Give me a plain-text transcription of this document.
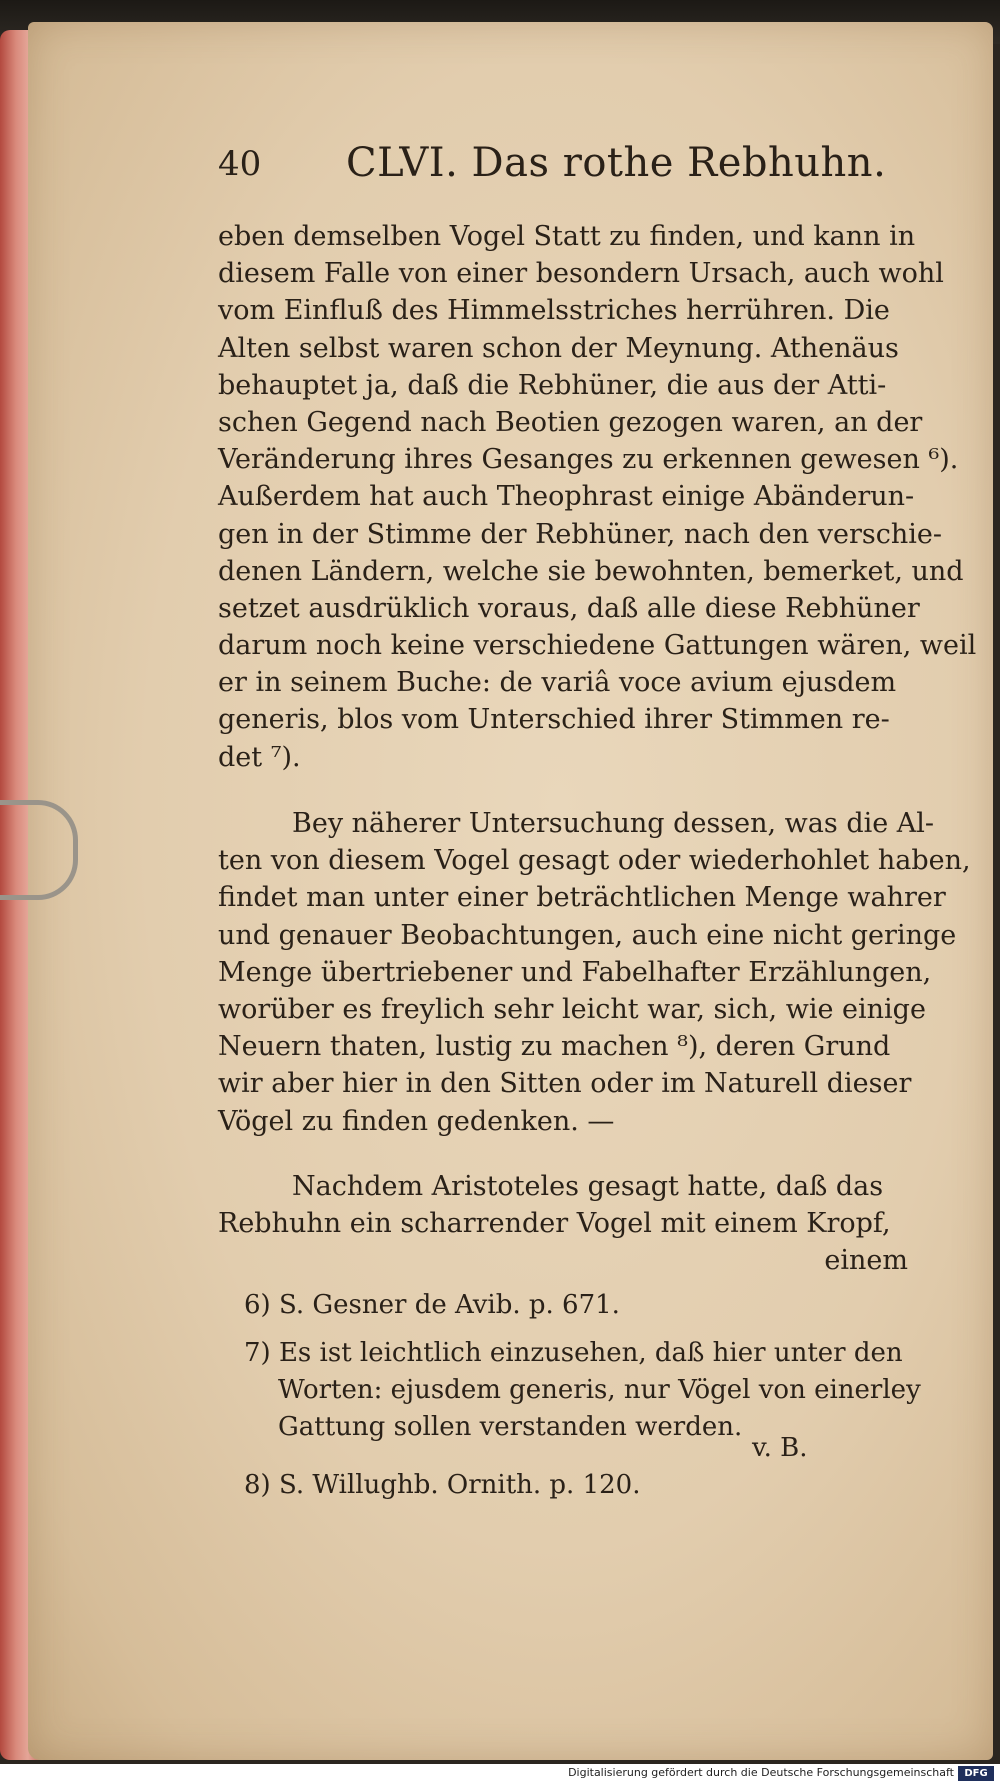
40 CLVI. Das rothe Rebhuhn.
eben demselben Vogel Statt zu finden, und kann in
diesem Falle von einer besondern Ursach, auch wohl
vom Einfluß des Himmelsstriches herrühren. Die
Alten selbst waren schon der Meynung. Athenäus
behauptet ja, daß die Rebhüner, die aus der Atti-
schen Gegend nach Beotien gezogen waren, an der
Veränderung ihres Gesanges zu erkennen gewesen ⁶).
Außerdem hat auch Theophrast einige Abänderun-
gen in der Stimme der Rebhüner, nach den verschie-
denen Ländern, welche sie bewohnten, bemerket, und
setzet ausdrüklich voraus, daß alle diese Rebhüner
darum noch keine verschiedene Gattungen wären, weil
er in seinem Buche: de variâ voce avium ejusdem
generis, blos vom Unterschied ihrer Stimmen re-
det ⁷).
Bey näherer Untersuchung dessen, was die Al-
ten von diesem Vogel gesagt oder wiederhohlet haben,
findet man unter einer beträchtlichen Menge wahrer
und genauer Beobachtungen, auch eine nicht geringe
Menge übertriebener und Fabelhafter Erzählungen,
worüber es freylich sehr leicht war, sich, wie einige
Neuern thaten, lustig zu machen ⁸), deren Grund
wir aber hier in den Sitten oder im Naturell dieser
Vögel zu finden gedenken. —
Nachdem Aristoteles gesagt hatte, daß das
Rebhuhn ein scharrender Vogel mit einem Kropf,
einem
6) S. Gesner de Avib. p. 671.
7) Es ist leichtlich einzusehen, daß hier unter den
Worten: ejusdem generis, nur Vögel von einerley
Gattung sollen verstanden werden.
v. B.
8) S. Willughb. Ornith. p. 120.
Digitalisierung gefördert durch die Deutsche Forschungsgemeinschaft	DFG
